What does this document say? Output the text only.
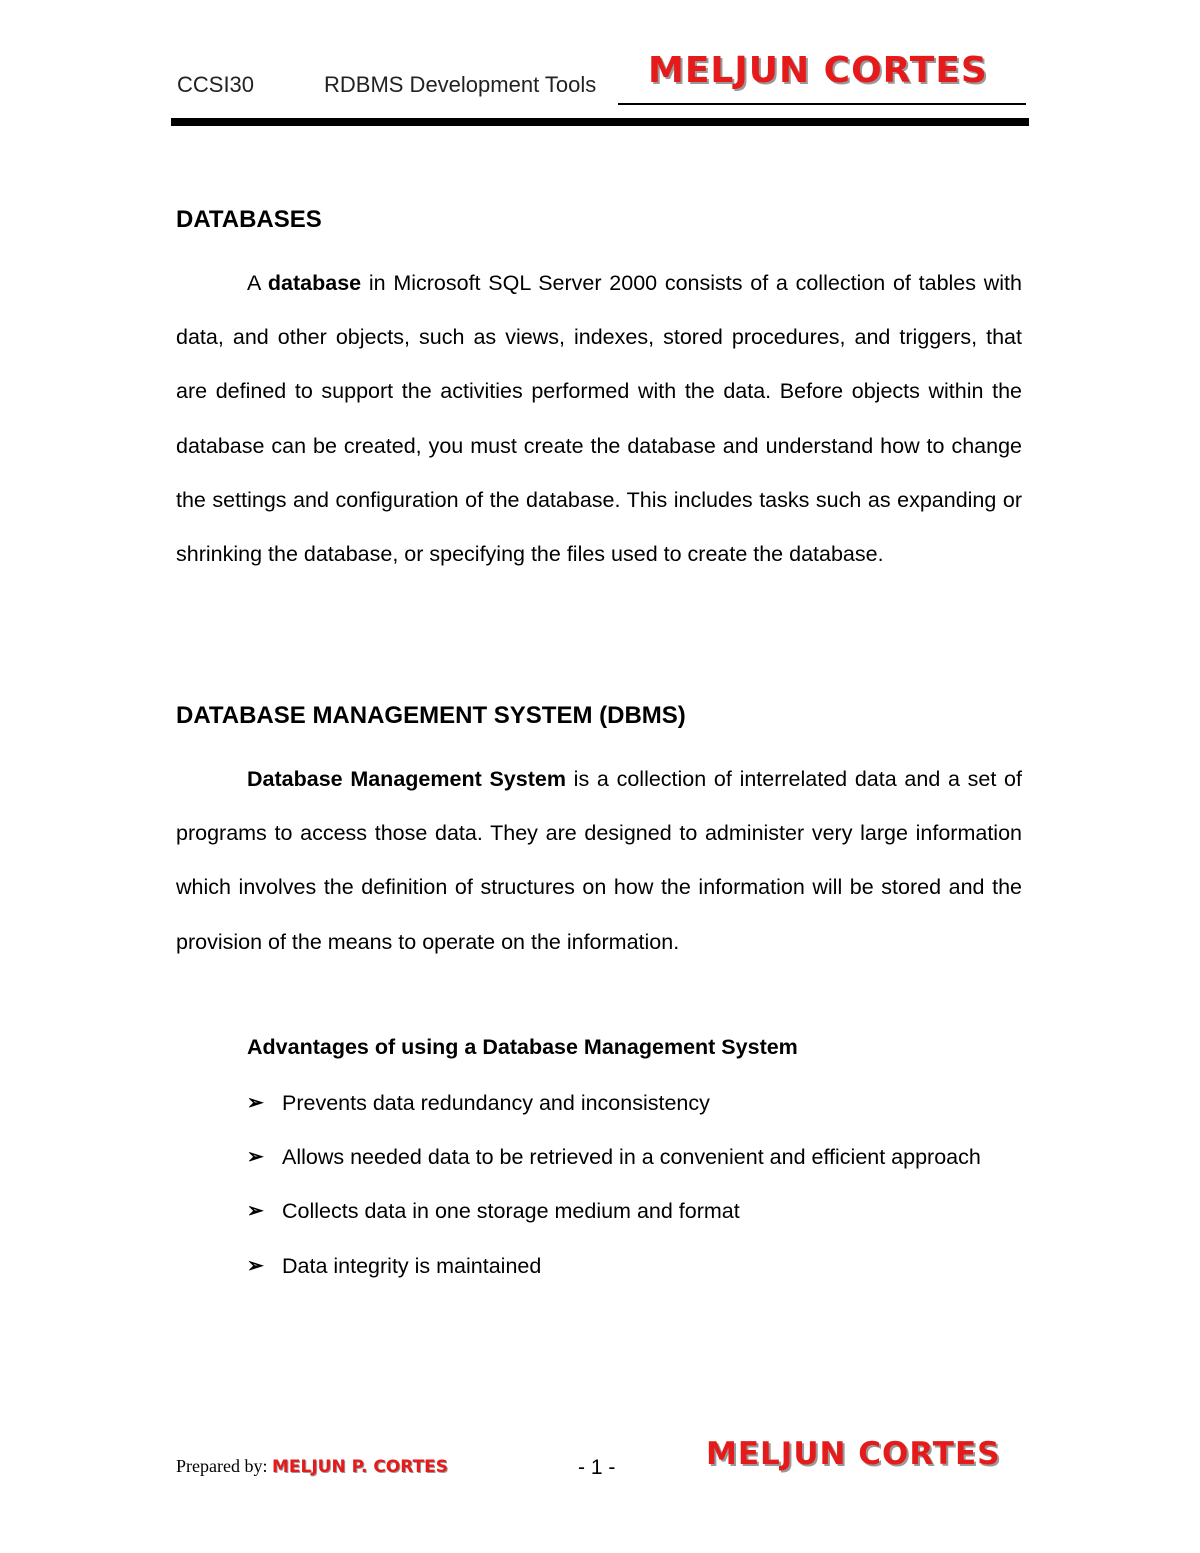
CCSI30	RDBMS Development Tools MELJUN CORTES
DATABASES

A database in Microsoft SQL Server 2000 consists of a collection of tables with data, and other objects, such as views, indexes, stored procedures, and triggers, that are defined to support the activities performed with the data. Before objects within the database can be created, you must create the database and understand how to change the settings and configuration of the database. This includes tasks such as expanding or shrinking the database, or specifying the files used to create the database.

DATABASE MANAGEMENT SYSTEM (DBMS)

Database Management System is a collection of interrelated data and a set of programs to access those data. They are designed to administer very large information which involves the definition of structures on how the information will be stored and the provision of the means to operate on the information.

Advantages of using a Database Management System
➢ Prevents data redundancy and inconsistency
➢ Allows needed data to be retrieved in a convenient and efficient approach
➢ Collects data in one storage medium and format
➢ Data integrity is maintained
Prepared by: MELJUN P. CORTES	- 1 -	MELJUN CORTES
